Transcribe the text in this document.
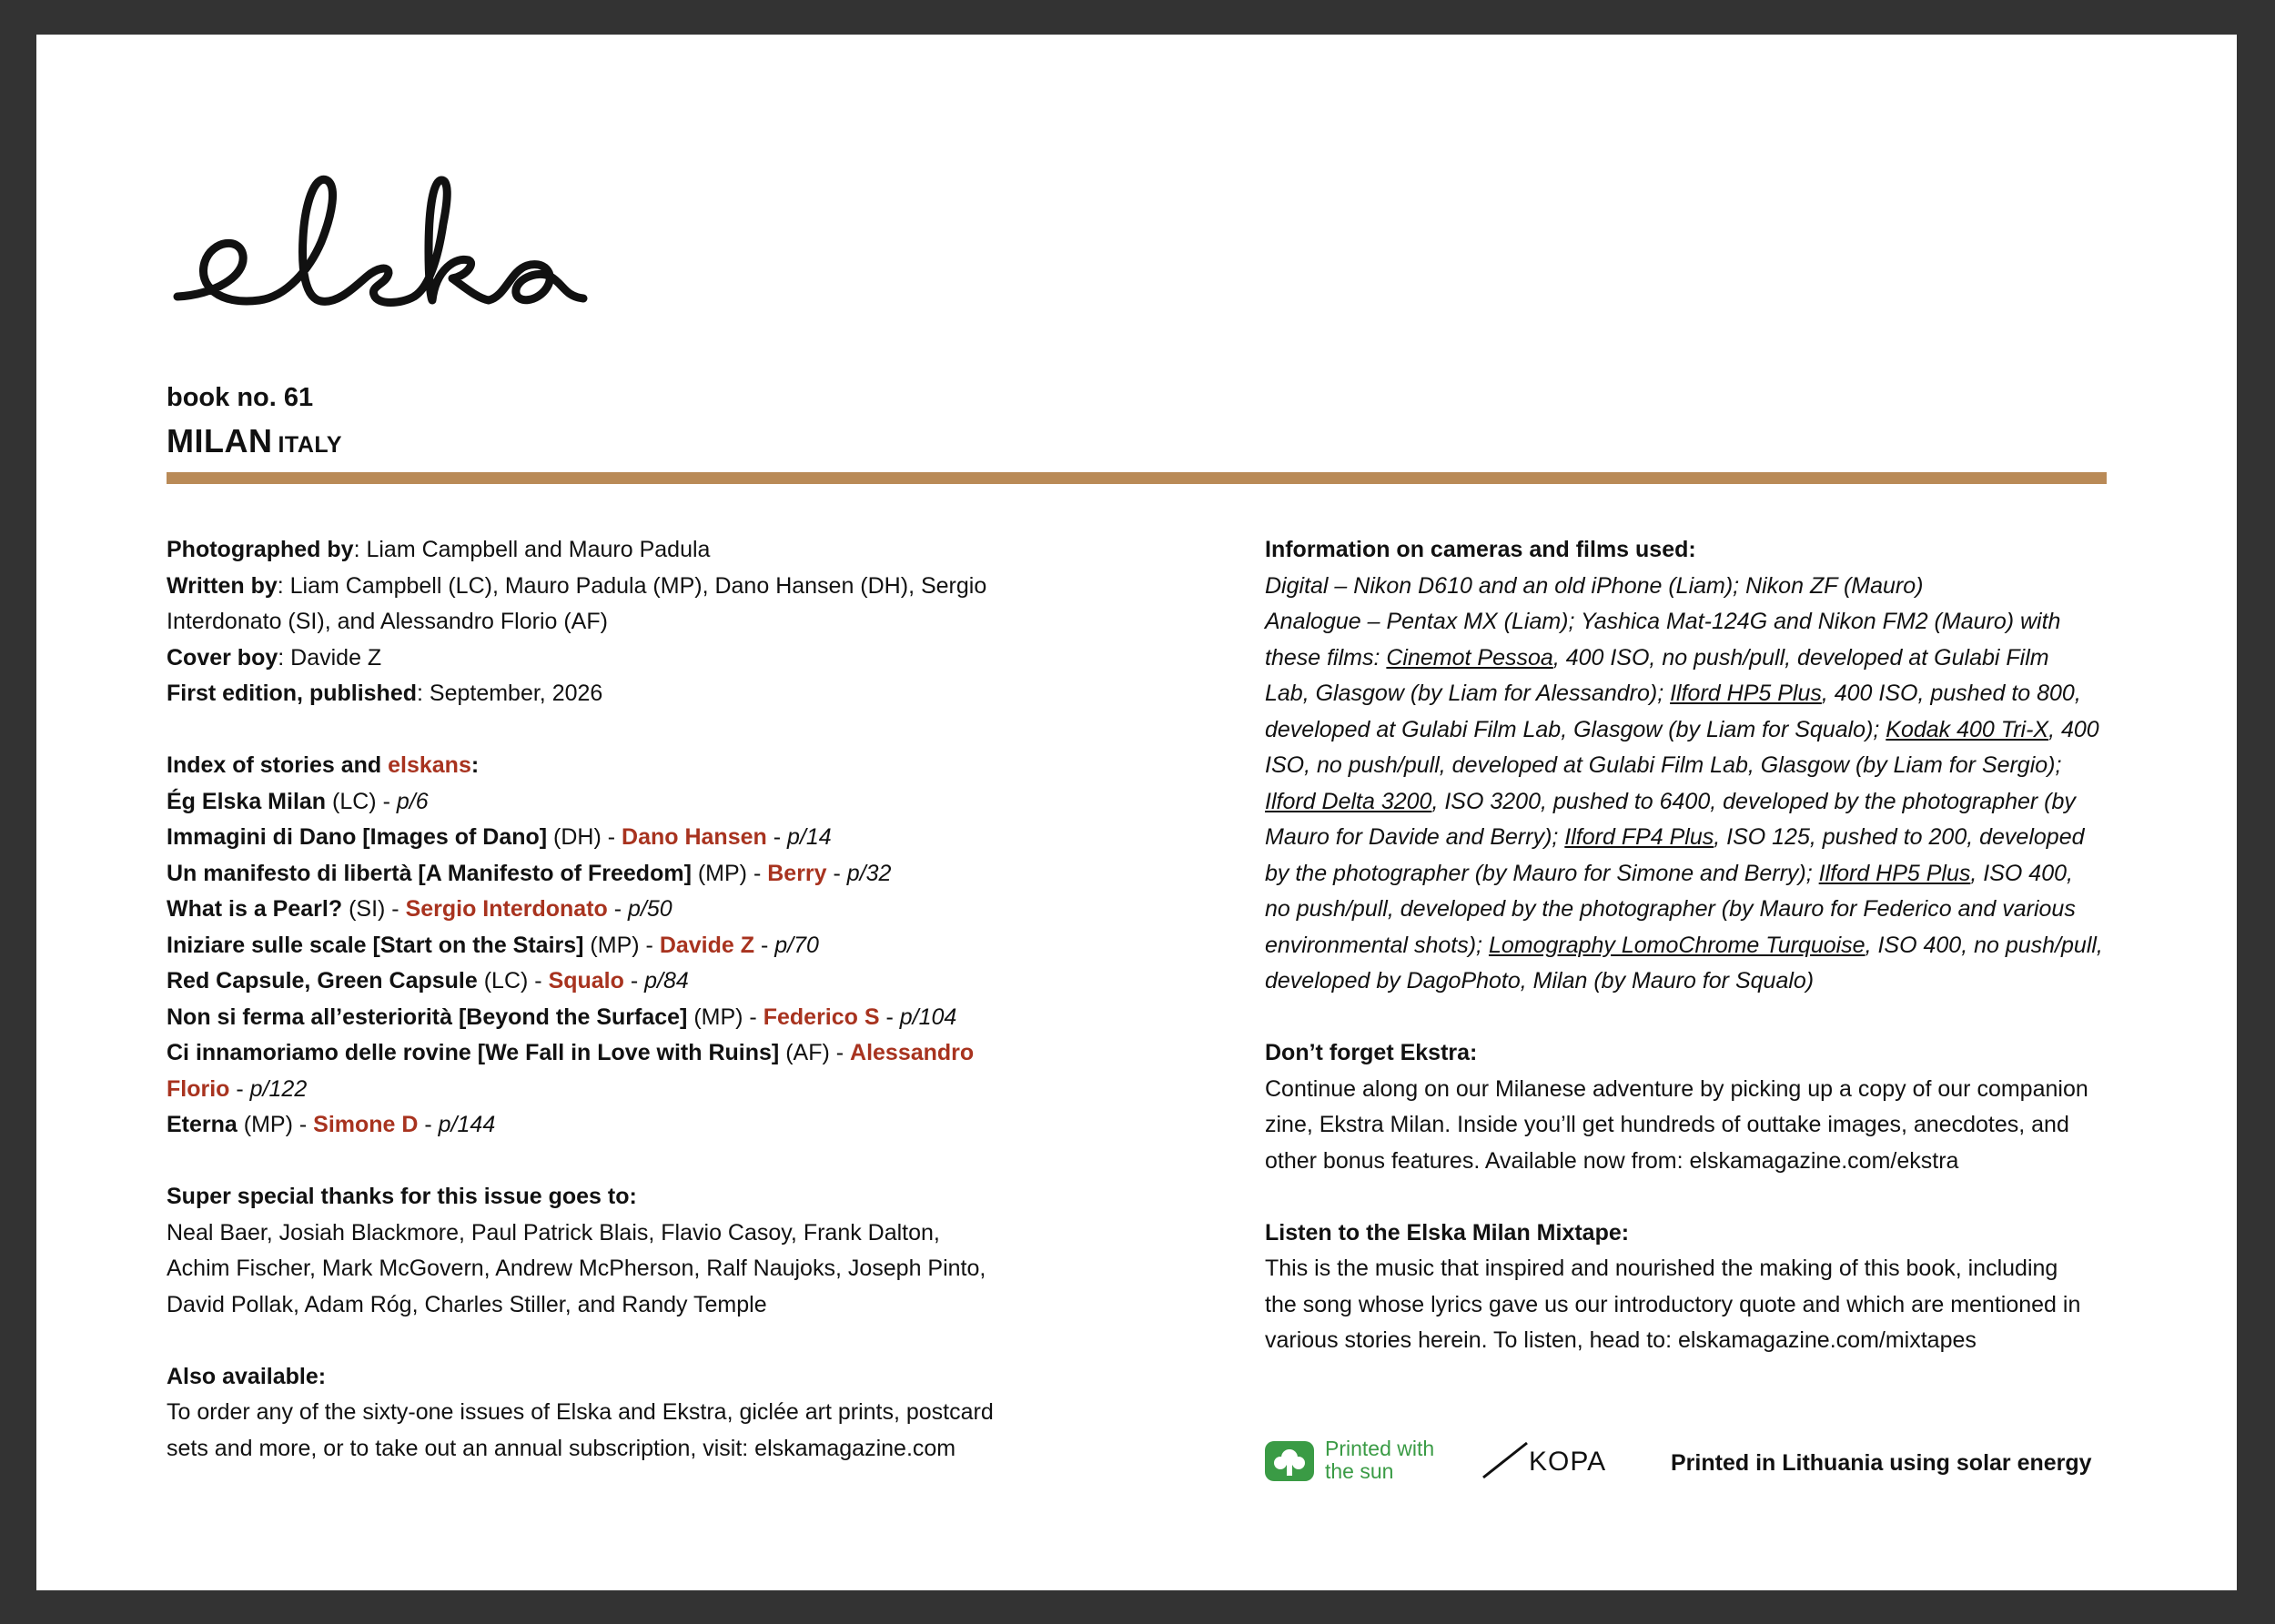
book no. 61
MILAN ITALY
Photographed by: Liam Campbell and Mauro Padula
Written by: Liam Campbell (LC), Mauro Padula (MP), Dano Hansen (DH), Sergio
Interdonato (SI), and Alessandro Florio (AF)
Cover boy: Davide Z
First edition, published: September, 2026
Index of stories and elskans:
Ég Elska Milan (LC) - p/6
Immagini di Dano [Images of Dano] (DH) - Dano Hansen - p/14
Un manifesto di libertà [A Manifesto of Freedom] (MP) - Berry - p/32
What is a Pearl? (SI) - Sergio Interdonato - p/50
Iniziare sulle scale [Start on the Stairs] (MP) - Davide Z - p/70
Red Capsule, Green Capsule (LC) - Squalo - p/84
Non si ferma all’esteriorità [Beyond the Surface] (MP) - Federico S - p/104
Ci innamoriamo delle rovine [We Fall in Love with Ruins] (AF) - Alessandro
Florio - p/122
Eterna (MP) - Simone D - p/144
Super special thanks for this issue goes to:
Neal Baer, Josiah Blackmore, Paul Patrick Blais, Flavio Casoy, Frank Dalton,
Achim Fischer, Mark McGovern, Andrew McPherson, Ralf Naujoks, Joseph Pinto,
David Pollak, Adam Róg, Charles Stiller, and Randy Temple
Also available:
To order any of the sixty-one issues of Elska and Ekstra, giclée art prints, postcard
sets and more, or to take out an annual subscription, visit: elskamagazine.com
Information on cameras and films used:
Digital – Nikon D610 and an old iPhone (Liam); Nikon ZF (Mauro)
Analogue – Pentax MX (Liam); Yashica Mat-124G and Nikon FM2 (Mauro) with
these films: Cinemot Pessoa, 400 ISO, no push/pull, developed at Gulabi Film
Lab, Glasgow (by Liam for Alessandro); Ilford HP5 Plus, 400 ISO, pushed to 800,
developed at Gulabi Film Lab, Glasgow (by Liam for Squalo); Kodak 400 Tri-X, 400
ISO, no push/pull, developed at Gulabi Film Lab, Glasgow (by Liam for Sergio);
Ilford Delta 3200, ISO 3200, pushed to 6400, developed by the photographer (by
Mauro for Davide and Berry); Ilford FP4 Plus, ISO 125, pushed to 200, developed
by the photographer (by Mauro for Simone and Berry); Ilford HP5 Plus, ISO 400,
no push/pull, developed by the photographer (by Mauro for Federico and various
environmental shots); Lomography LomoChrome Turquoise, ISO 400, no push/pull,
developed by DagoPhoto, Milan (by Mauro for Squalo)
Don’t forget Ekstra:
Continue along on our Milanese adventure by picking up a copy of our companion
zine, Ekstra Milan. Inside you’ll get hundreds of outtake images, anecdotes, and
other bonus features. Available now from: elskamagazine.com/ekstra
Listen to the Elska Milan Mixtape:
This is the music that inspired and nourished the making of this book, including
the song whose lyrics gave us our introductory quote and which are mentioned in
various stories herein. To listen, head to: elskamagazine.com/mixtapes
Printed with
the sun	KOPA	Printed in Lithuania using solar energy
